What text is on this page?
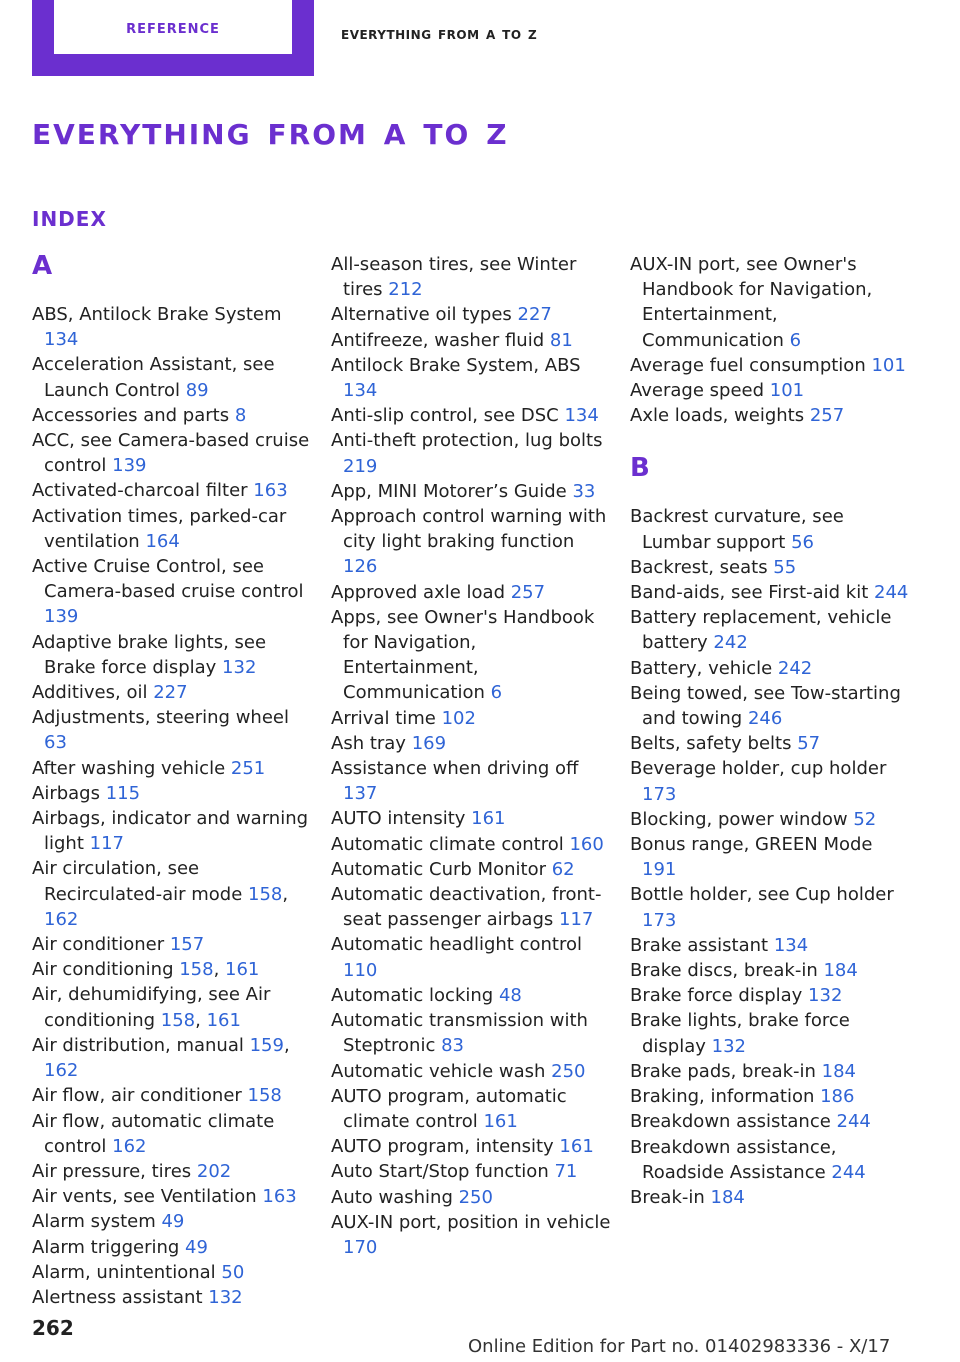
reference	everything from a to z
everything from a to z
index
A
ABS, Antilock Brake System 134
Acceleration Assistant, see Launch Control 89
Accessories and parts 8
ACC, see Camera-based cruise control 139
Activated-charcoal filter 163
Activation times, parked-car ventilation 164
Active Cruise Control, see Camera-based cruise control 139
Adaptive brake lights, see Brake force display 132
Additives, oil 227
Adjustments, steering wheel 63
After washing vehicle 251
Airbags 115
Airbags, indicator and warning light 117
Air circulation, see Recirculated-air mode 158, 162
Air conditioner 157
Air conditioning 158, 161
Air, dehumidifying, see Air conditioning 158, 161
Air distribution, manual 159, 162
Air flow, air conditioner 158
Air flow, automatic climate control 162
Air pressure, tires 202
Air vents, see Ventilation 163
Alarm system 49
Alarm triggering 49
Alarm, unintentional 50
Alertness assistant 132
All-season tires, see Winter tires 212
Alternative oil types 227
Antifreeze, washer fluid 81
Antilock Brake System, ABS 134
Anti-slip control, see DSC 134
Anti-theft protection, lug bolts 219
App, MINI Motorer’s Guide 33
Approach control warning with city light braking function 126
Approved axle load 257
Apps, see Owner's Handbook for Navigation, Entertainment, Communication 6
Arrival time 102
Ash tray 169
Assistance when driving off 137
AUTO intensity 161
Automatic climate control 160
Automatic Curb Monitor 62
Automatic deactivation, front-seat passenger airbags 117
Automatic headlight control 110
Automatic locking 48
Automatic transmission with Steptronic 83
Automatic vehicle wash 250
AUTO program, automatic climate control 161
AUTO program, intensity 161
Auto Start/Stop function 71
Auto washing 250
AUX-IN port, position in vehicle 170
AUX-IN port, see Owner's Handbook for Navigation, Entertainment, Communication 6
Average fuel consumption 101
Average speed 101
Axle loads, weights 257
B
Backrest curvature, see Lumbar support 56
Backrest, seats 55
Band-aids, see First-aid kit 244
Battery replacement, vehicle battery 242
Battery, vehicle 242
Being towed, see Tow-starting and towing 246
Belts, safety belts 57
Beverage holder, cup holder 173
Blocking, power window 52
Bonus range, GREEN Mode 191
Bottle holder, see Cup holder 173
Brake assistant 134
Brake discs, break-in 184
Brake force display 132
Brake lights, brake force display 132
Brake pads, break-in 184
Braking, information 186
Breakdown assistance 244
Breakdown assistance, Roadside Assistance 244
Break-in 184
262
Online Edition for Part no. 01402983336 - X/17
